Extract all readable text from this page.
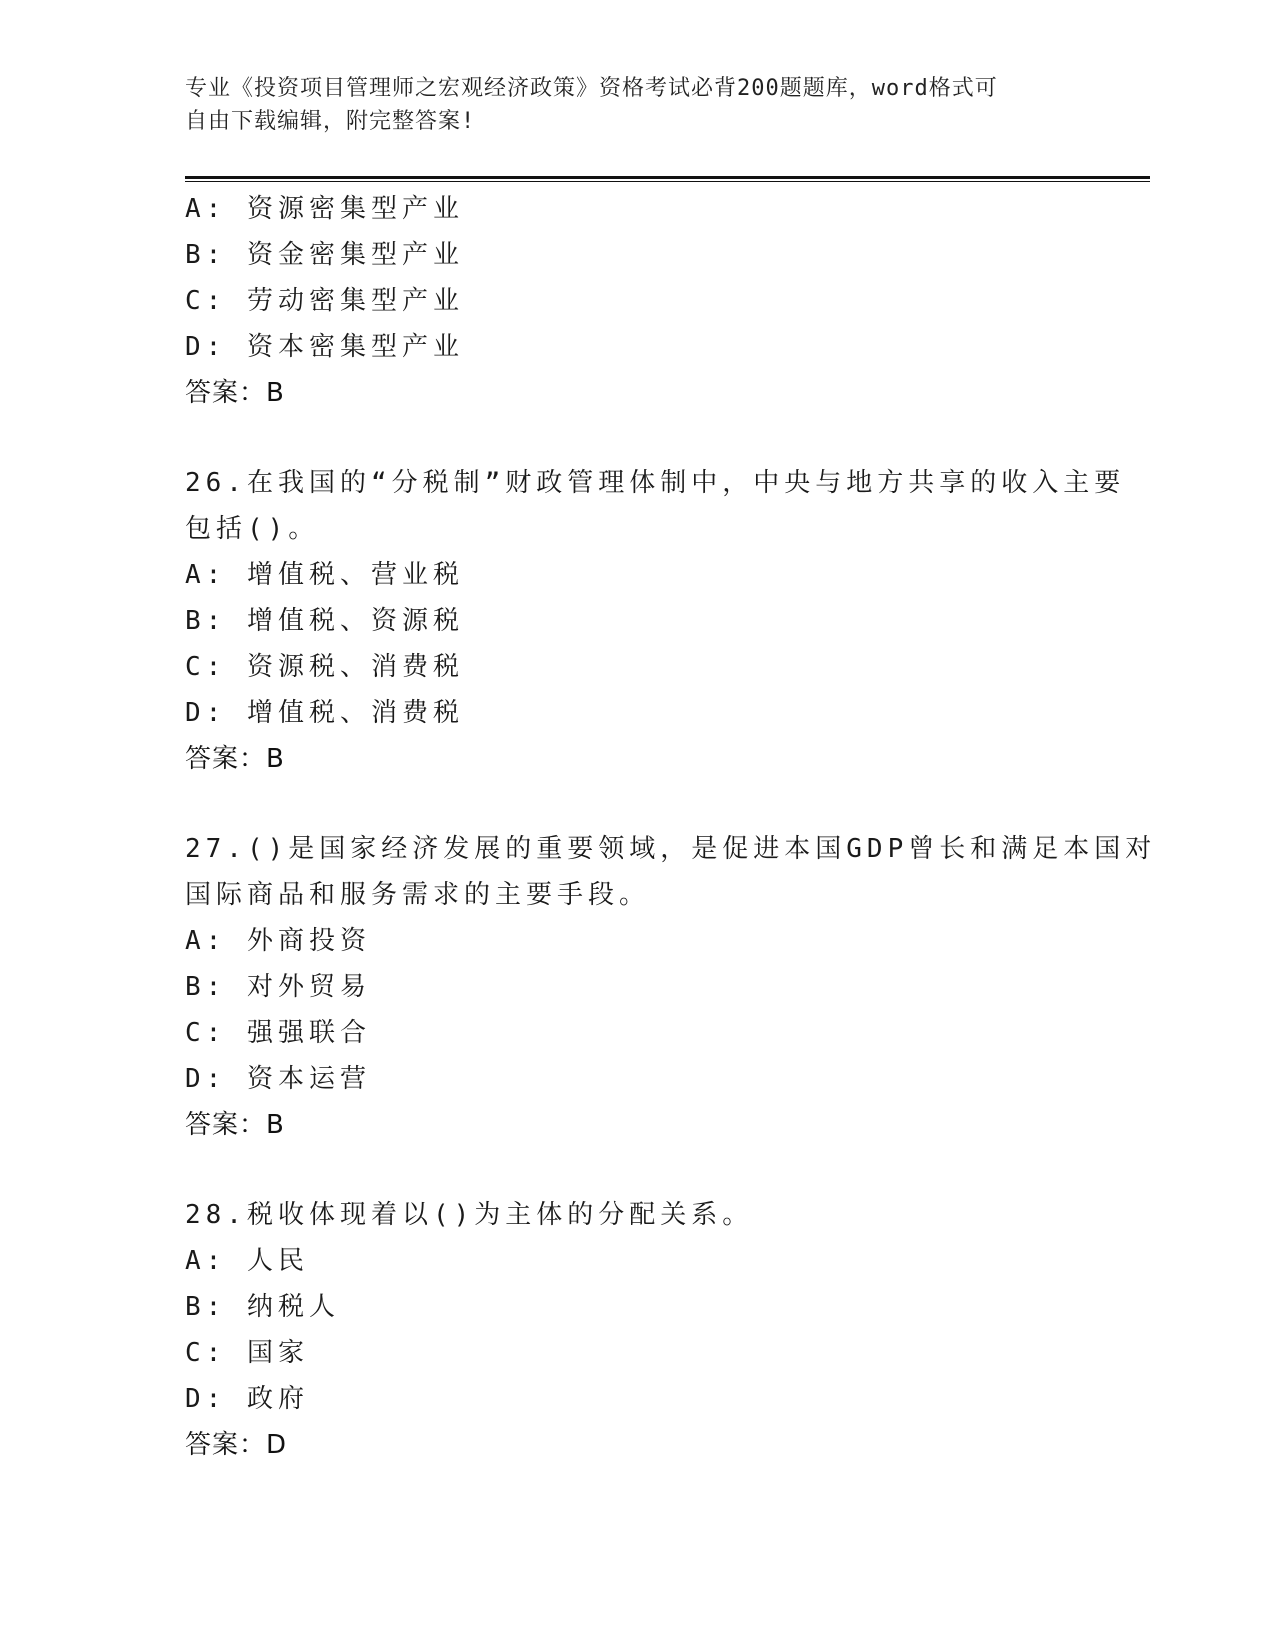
专业《投资项目管理师之宏观经济政策》资格考试必背200题题库，word格式可
自由下载编辑，附完整答案!
A: 资源密集型产业
B: 资金密集型产业
C: 劳动密集型产业
D: 资本密集型产业
答案：B
26.在我国的“分税制”财政管理体制中，中央与地方共享的收入主要
包括()。
A: 增值税、营业税
B: 增值税、资源税
C: 资源税、消费税
D: 增值税、消费税
答案：B
27.()是国家经济发展的重要领域，是促进本国GDP曾长和满足本国对
国际商品和服务需求的主要手段。
A: 外商投资
B: 对外贸易
C: 强强联合
D: 资本运营
答案：B
28.税收体现着以()为主体的分配关系。
A: 人民
B: 纳税人
C: 国家
D: 政府
答案：D
